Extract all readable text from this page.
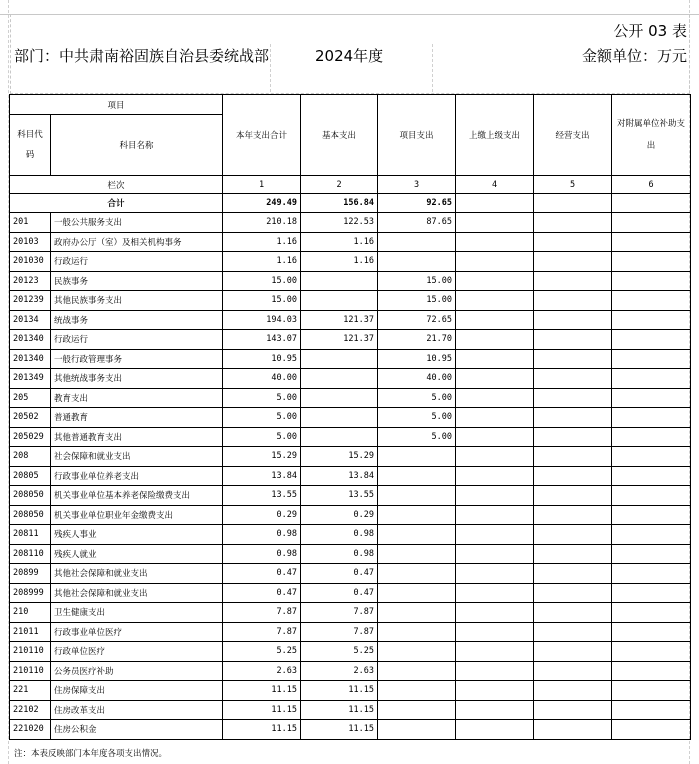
公开 03 表
部门：中共肃南裕固族自治县委统战部	2024年度	金额单位：万元
项目		本年支出合计	基本支出	项目支出	上缴上级支出	经营支出	对附属单位补助支出
科目代码	科目名称						
栏次		1	2	3	4	5	6
合计		249.49	156.84	92.65			
201	一般公共服务支出	210.18	122.53	87.65			
20103	政府办公厅（室）及相关机构事务	1.16	1.16				
201030	行政运行	1.16	1.16				
20123	民族事务	15.00		15.00			
201239	其他民族事务支出	15.00		15.00			
20134	统战事务	194.03	121.37	72.65			
201340	行政运行	143.07	121.37	21.70			
201340	一般行政管理事务	10.95		10.95			
201349	其他统战事务支出	40.00		40.00			
205	教育支出	5.00		5.00			
20502	普通教育	5.00		5.00			
205029	其他普通教育支出	5.00		5.00			
208	社会保障和就业支出	15.29	15.29				
20805	行政事业单位养老支出	13.84	13.84				
208050	机关事业单位基本养老保险缴费支出	13.55	13.55				
208050	机关事业单位职业年金缴费支出	0.29	0.29				
20811	残疾人事业	0.98	0.98				
208110	残疾人就业	0.98	0.98				
20899	其他社会保障和就业支出	0.47	0.47				
208999	其他社会保障和就业支出	0.47	0.47				
210	卫生健康支出	7.87	7.87				
21011	行政事业单位医疗	7.87	7.87				
210110	行政单位医疗	5.25	5.25				
210110	公务员医疗补助	2.63	2.63				
221	住房保障支出	11.15	11.15				
22102	住房改革支出	11.15	11.15				
221020	住房公积金	11.15	11.15				
注：本表反映部门本年度各项支出情况。
